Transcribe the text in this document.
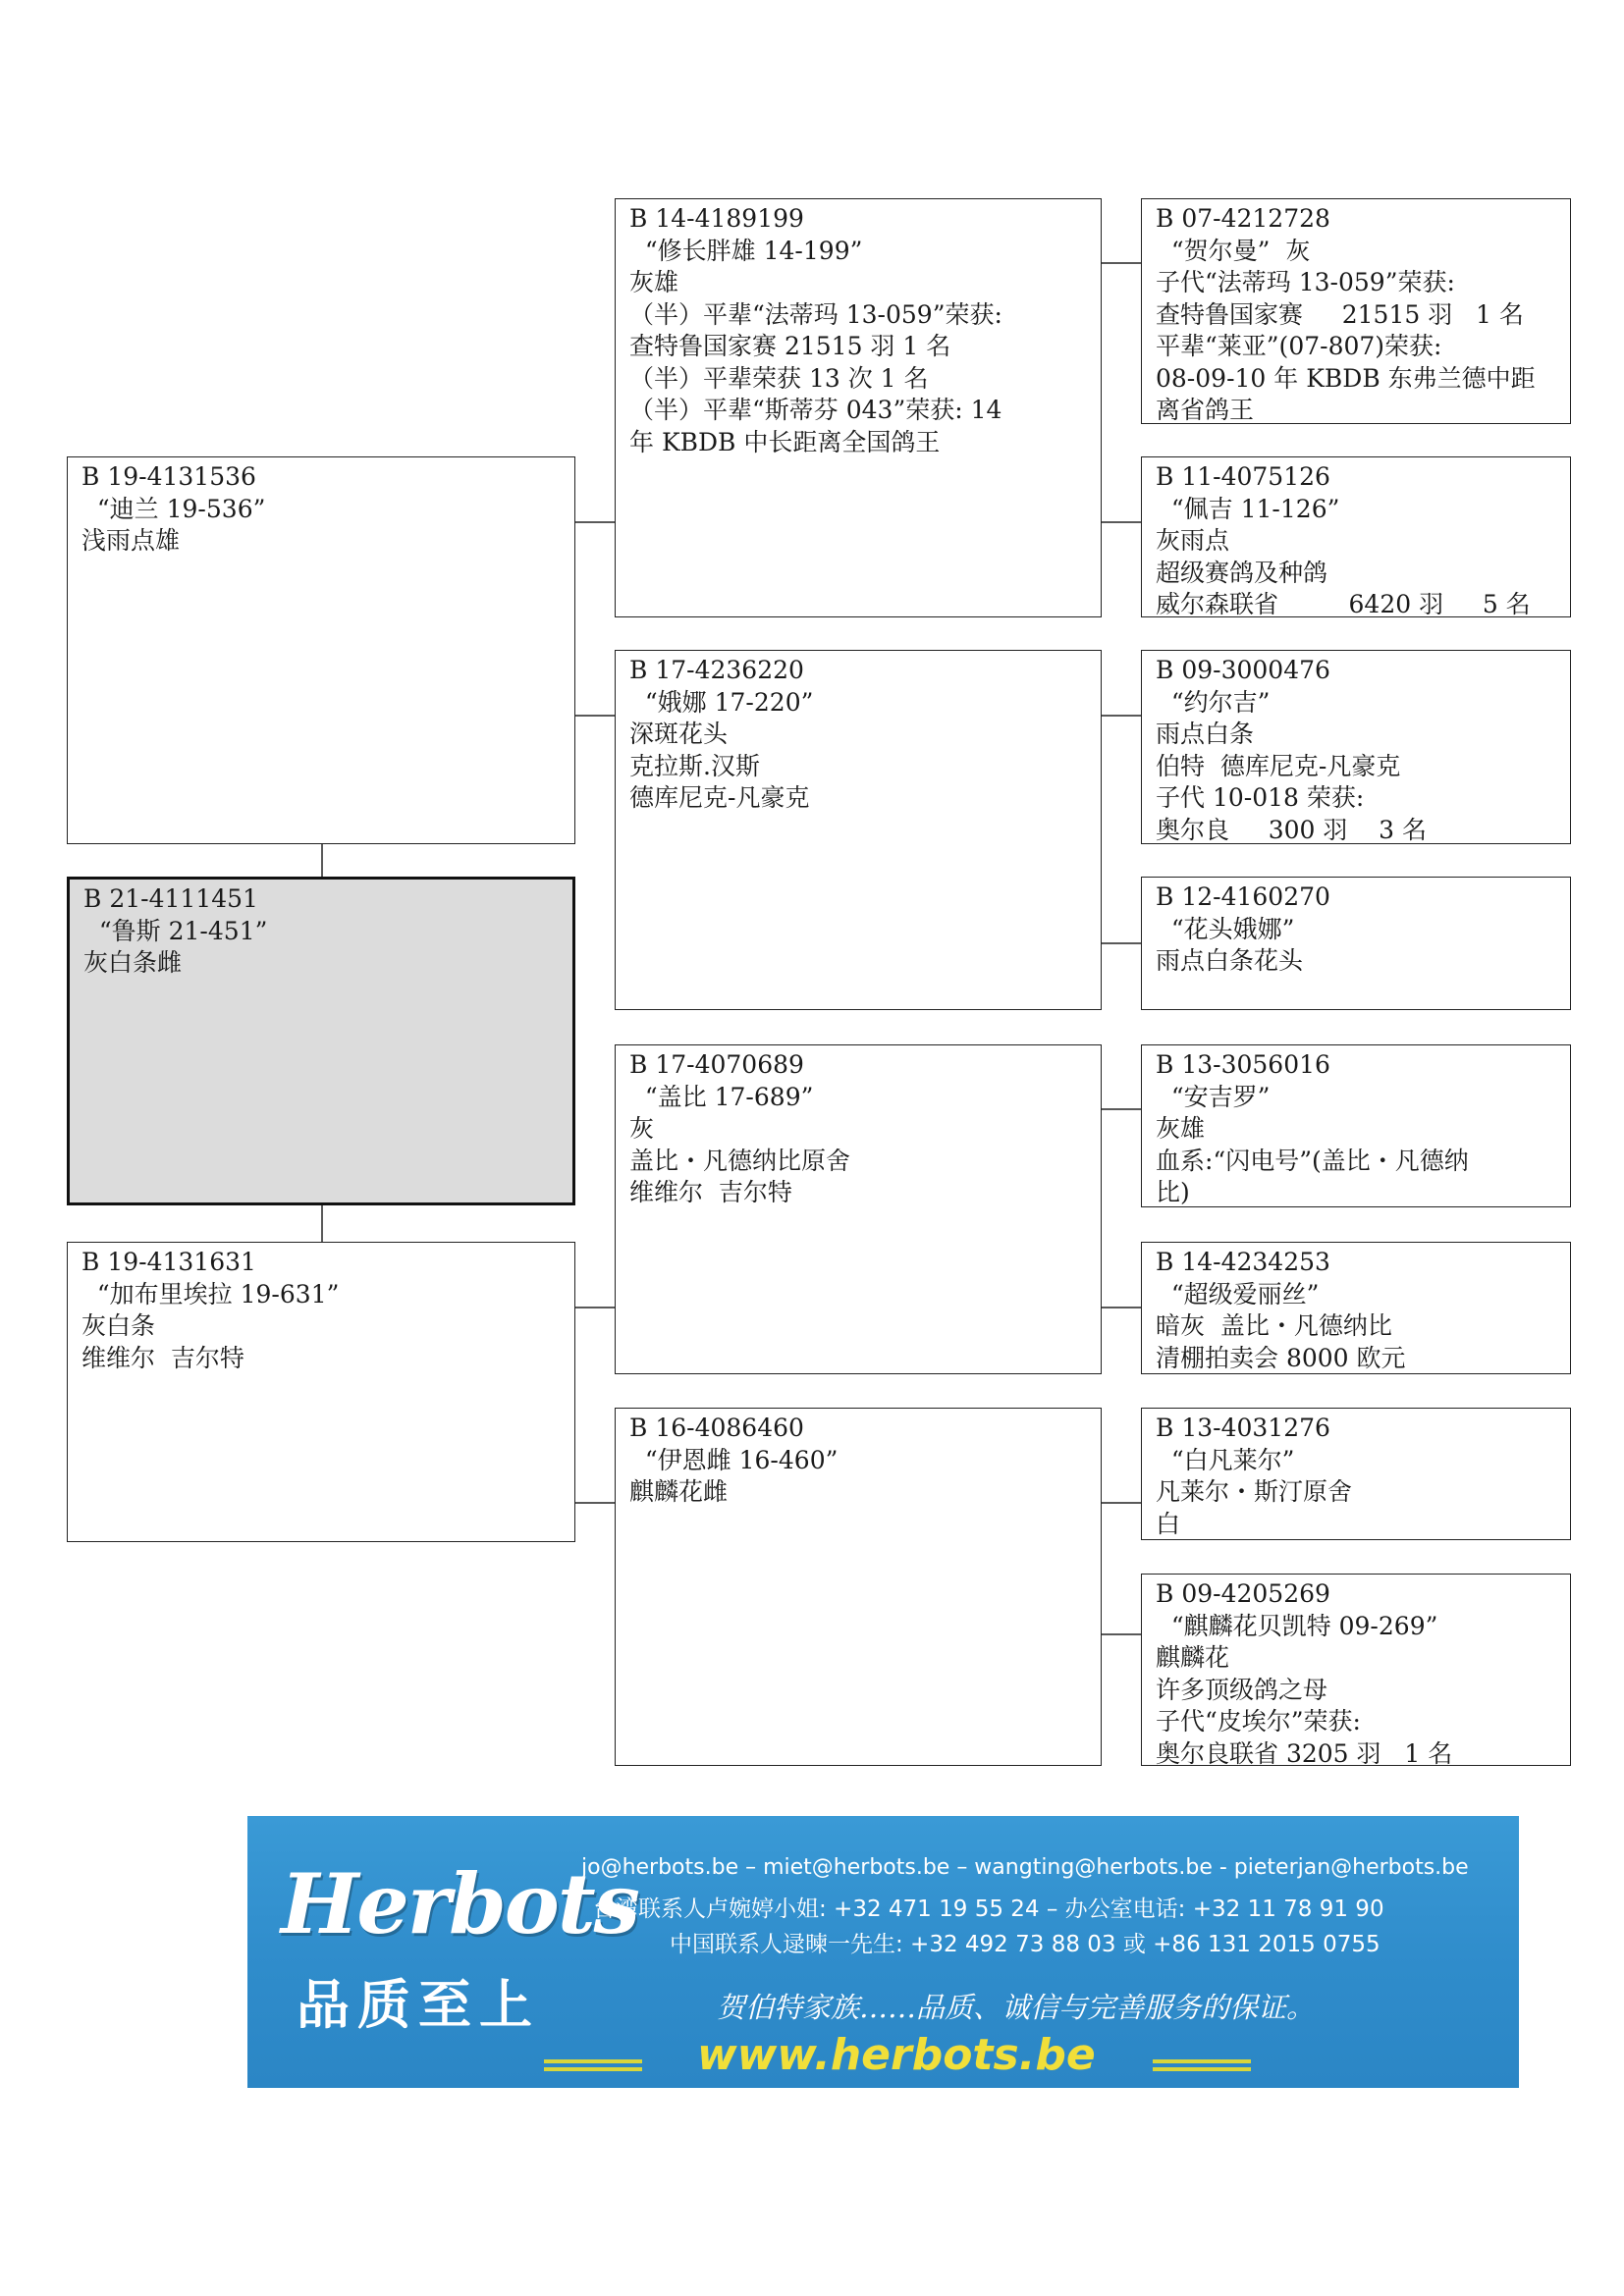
B 19-4131536
“迪兰 19-536”
浅雨点雄
B 21-4111451
“鲁斯 21-451”
灰白条雌
B 19-4131631
“加布里埃拉 19-631”
灰白条
维维尔  吉尔特
B 14-4189199
“修长胖雄 14-199”
灰雄
（半）平辈“法蒂玛 13-059”荣获:
查特鲁国家赛 21515 羽 1 名
（半）平辈荣获 13 次 1 名
（半）平辈“斯蒂芬 043”荣获: 14
年 KBDB 中长距离全国鸽王
B 17-4236220
“娥娜 17-220”
深斑花头
克拉斯.汉斯
德库尼克-凡豪克
B 17-4070689
“盖比 17-689”
灰
盖比・凡德纳比原舍
维维尔  吉尔特
B 16-4086460
“伊恩雌 16-460”
麒麟花雌
B 07-4212728
“贺尔曼”  灰
子代“法蒂玛 13-059”荣获:
查特鲁国家赛     21515 羽   1 名
平辈“莱亚”(07-807)荣获:
08-09-10 年 KBDB 东弗兰德中距
离省鸽王
B 11-4075126
“佩吉 11-126”
灰雨点
超级赛鸽及种鸽
威尔森联省         6420 羽     5 名
B 09-3000476
“约尔吉”
雨点白条
伯特  德库尼克-凡豪克
子代 10-018 荣获:
奥尔良     300 羽    3 名
B 12-4160270
“花头娥娜”
雨点白条花头
B 13-3056016
“安吉罗”
灰雄
血系:“闪电号”(盖比・凡德纳
比)
B 14-4234253
“超级爱丽丝”
暗灰  盖比・凡德纳比
清棚拍卖会 8000 欧元
B 13-4031276
“白凡莱尔”
凡莱尔・斯汀原舍
白
B 09-4205269
“麒麟花贝凯特 09-269”
麒麟花
许多顶级鸽之母
子代“皮埃尔”荣获:
奥尔良联省 3205 羽   1 名
Herbots
品质至上
jo@herbots.be – miet@herbots.be – wangting@herbots.be - pieterjan@herbots.be
台湾联系人卢婉婷小姐: +32 471 19 55 24 – 办公室电话: +32 11 78 91 90
中国联系人逯暕一先生: +32 492 73 88 03 或 +86 131 2015 0755
贺伯特家族……品质、诚信与完善服务的保证。
www.herbots.be
